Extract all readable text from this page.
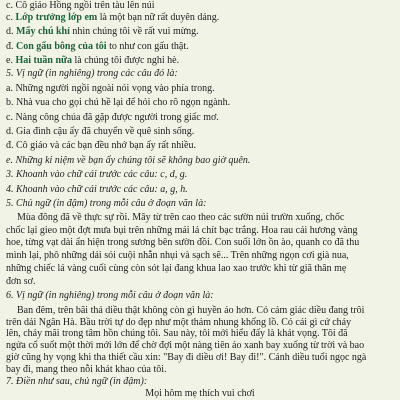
c. Cô giáo Hồng ngồi trên tàu lên núi
c. Lớp trưởng lớp em là một bạn nữ rất duyên dáng.
d. Mấy chú khỉ nhìn chúng tôi về rất vui mừng.
đ. Con gấu bông của tôi to như con gấu thật.
e. Hai tuần nữa là chúng tôi được nghỉ hè.
5. Vị ngữ (in nghiêng) trong các câu đó là:
a. Những người ngồi ngoài nói vọng vào phía trong.
b. Nhà vua cho gọi chú hề lại để hỏi cho rõ ngọn ngành.
c. Nàng công chúa đã gặp được người trong giấc mơ.
d. Gia đình cậu ấy đã chuyển về quê sinh sống.
đ. Cô giáo và các bạn đều nhớ bạn ấy rất nhiều.
e. Những kỉ niệm về bạn ấy chúng tôi sẽ không bao giờ quên.
3. Khoanh vào chữ cái trước các câu: c, d, g.
4. Khoanh vào chữ cái trước các câu: a, g, h.
5. Chủ ngữ (in đậm) trong mỗi câu ở đoạn văn là:
Mùa đông đã về thực sự rồi. Mây từ trên cao theo các sườn núi trườn xuống, chốc
chốc lại gieo một đợt mưa bụi trên những mái lá chít bạc trắng. Hoa rau cải hương vàng
hoe, từng vạt dài ẩn hiện trong sương bên sườn đồi. Con suối lớn ồn ào, quanh co đã thu
mình lại, phô những dải sỏi cuội nhẵn nhụi và sạch sẽ... Trên những ngọn cơi già nua,
những chiếc lá vàng cuối cùng còn sót lại đang khua lao xao trước khi từ giã thân mẹ
đơn sơ.
6. Vị ngữ (in nghiêng) trong mỗi câu ở đoạn văn là:
Ban đêm, trên bãi thả diều thật không còn gì huyền ảo hơn. Có cảm giác diều đang trôi
trên dải Ngân Hà. Bầu trời tự do đẹp như một thảm nhung khổng lồ. Có cái gì cứ cháy
lên, cháy mãi trong tâm hồn chúng tôi. Sau này, tôi mới hiểu đấy là khát vọng. Tôi đã
ngửa cổ suốt một thời mới lớn để chờ đợi một nàng tiên áo xanh bay xuống từ trời và bao
giờ cũng hy vọng khi tha thiết cầu xin: "Bay đi diều ơi! Bay đi!". Cánh diều tuổi ngọc ngà
bay đi, mang theo nỗi khát khao của tôi.
7. Điền như sau, chủ ngữ (in đậm):
Mọi hôm mẹ thích vui chơi
